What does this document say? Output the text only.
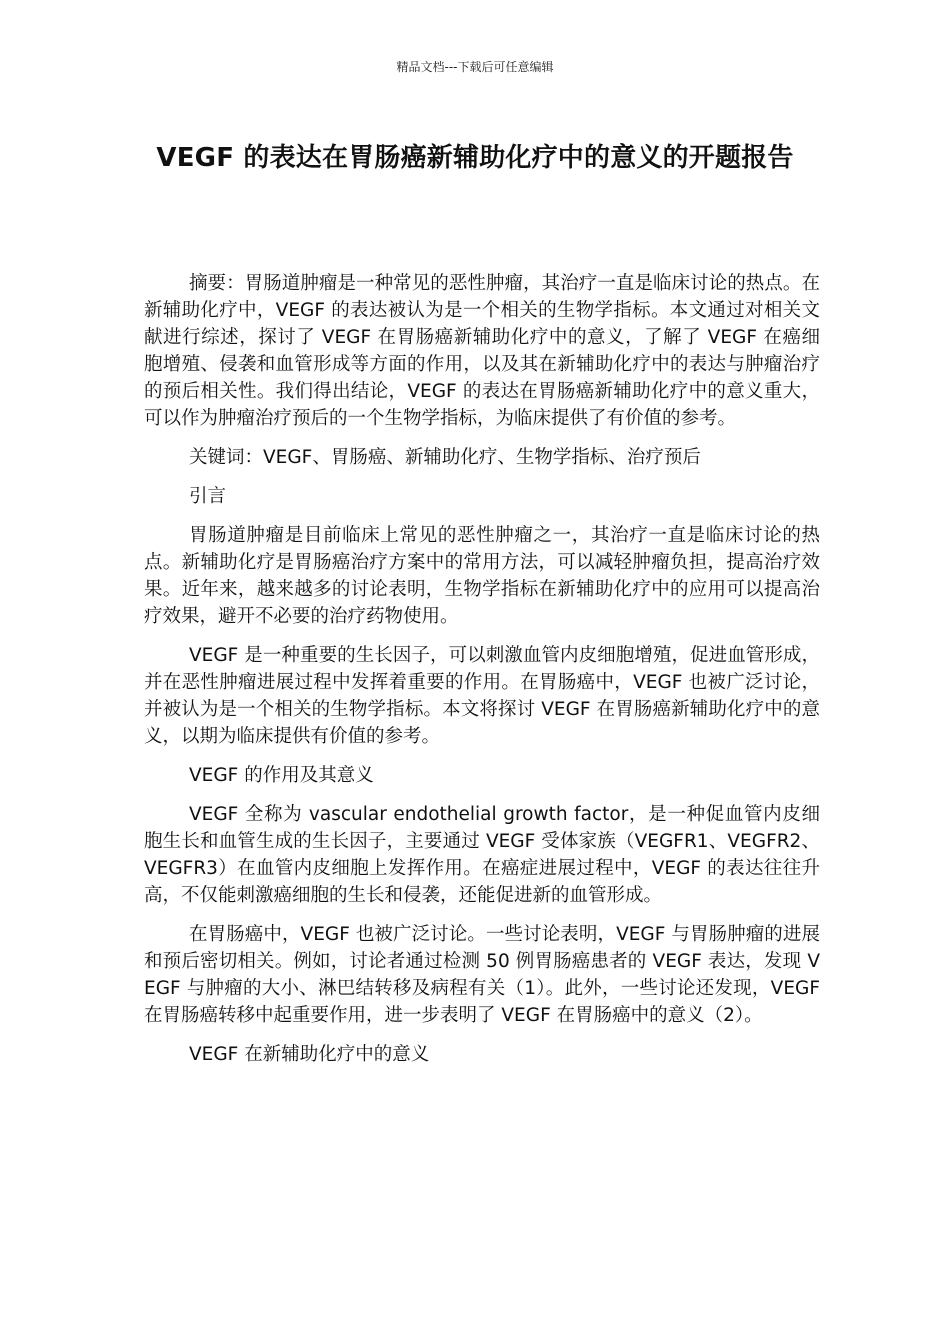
精品文档---下载后可任意编辑
VEGF 的表达在胃肠癌新辅助化疗中的意义的开题报告

摘要：胃肠道肿瘤是一种常见的恶性肿瘤，其治疗一直是临床讨论的热点。在新辅助化疗中，VEGF 的表达被认为是一个相关的生物学指标。本文通过对相关文献进行综述，探讨了 VEGF 在胃肠癌新辅助化疗中的意义，了解了 VEGF 在癌细胞增殖、侵袭和血管形成等方面的作用，以及其在新辅助化疗中的表达与肿瘤治疗的预后相关性。我们得出结论，VEGF 的表达在胃肠癌新辅助化疗中的意义重大，可以作为肿瘤治疗预后的一个生物学指标，为临床提供了有价值的参考。

关键词：VEGF、胃肠癌、新辅助化疗、生物学指标、治疗预后

引言

胃肠道肿瘤是目前临床上常见的恶性肿瘤之一，其治疗一直是临床讨论的热点。新辅助化疗是胃肠癌治疗方案中的常用方法，可以减轻肿瘤负担，提高治疗效果。近年来，越来越多的讨论表明，生物学指标在新辅助化疗中的应用可以提高治疗效果，避开不必要的治疗药物使用。

VEGF 是一种重要的生长因子，可以刺激血管内皮细胞增殖，促进血管形成，并在恶性肿瘤进展过程中发挥着重要的作用。在胃肠癌中，VEGF 也被广泛讨论，并被认为是一个相关的生物学指标。本文将探讨 VEGF 在胃肠癌新辅助化疗中的意义，以期为临床提供有价值的参考。

VEGF 的作用及其意义

VEGF 全称为 vascular endothelial growth factor，是一种促血管内皮细胞生长和血管生成的生长因子，主要通过 VEGF 受体家族（VEGFR1、VEGFR2、VEGFR3）在血管内皮细胞上发挥作用。在癌症进展过程中，VEGF 的表达往往升高，不仅能刺激癌细胞的生长和侵袭，还能促进新的血管形成。

在胃肠癌中，VEGF 也被广泛讨论。一些讨论表明，VEGF 与胃肠肿瘤的进展和预后密切相关。例如，讨论者通过检测 50 例胃肠癌患者的 VEGF 表达，发现 VEGF 与肿瘤的大小、淋巴结转移及病程有关（1）。此外，一些讨论还发现，VEGF 在胃肠癌转移中起重要作用，进一步表明了 VEGF 在胃肠癌中的意义（2）。

VEGF 在新辅助化疗中的意义
